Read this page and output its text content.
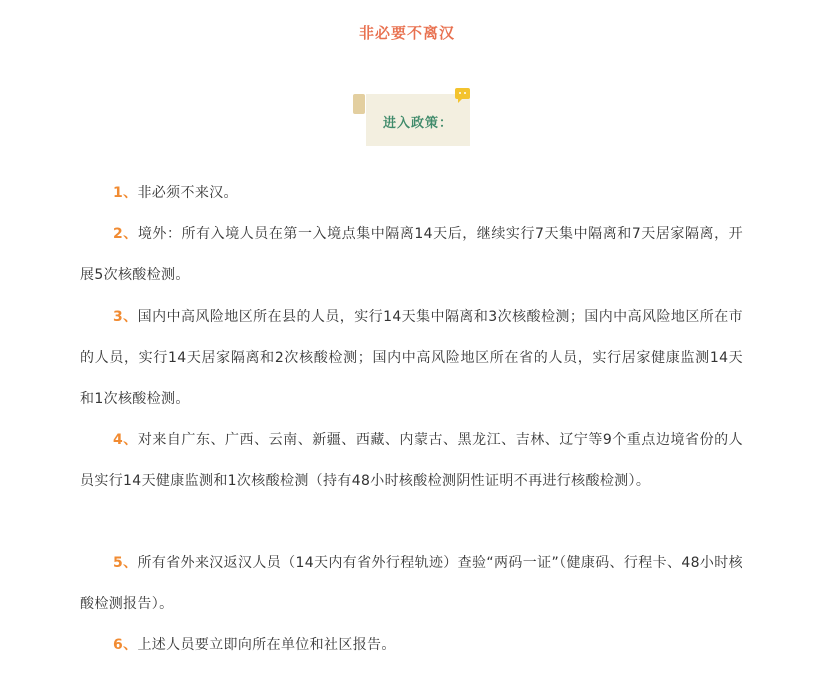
非必要不离汉
进入政策：
1、非必须不来汉。
2、境外：所有入境人员在第一入境点集中隔离14天后，继续实行7天集中隔离和7天居家隔离，开展5次核酸检测。
3、国内中高风险地区所在县的人员，实行14天集中隔离和3次核酸检测；国内中高风险地区所在市的人员，实行14天居家隔离和2次核酸检测；国内中高风险地区所在省的人员，实行居家健康监测14天和1次核酸检测。
4、对来自广东、广西、云南、新疆、西藏、内蒙古、黑龙江、吉林、辽宁等9个重点边境省份的人员实行14天健康监测和1次核酸检测（持有48小时核酸检测阴性证明不再进行核酸检测）。
5、所有省外来汉返汉人员（14天内有省外行程轨迹）查验“两码一证”（健康码、行程卡、48小时核酸检测报告）。
6、上述人员要立即向所在单位和社区报告。
